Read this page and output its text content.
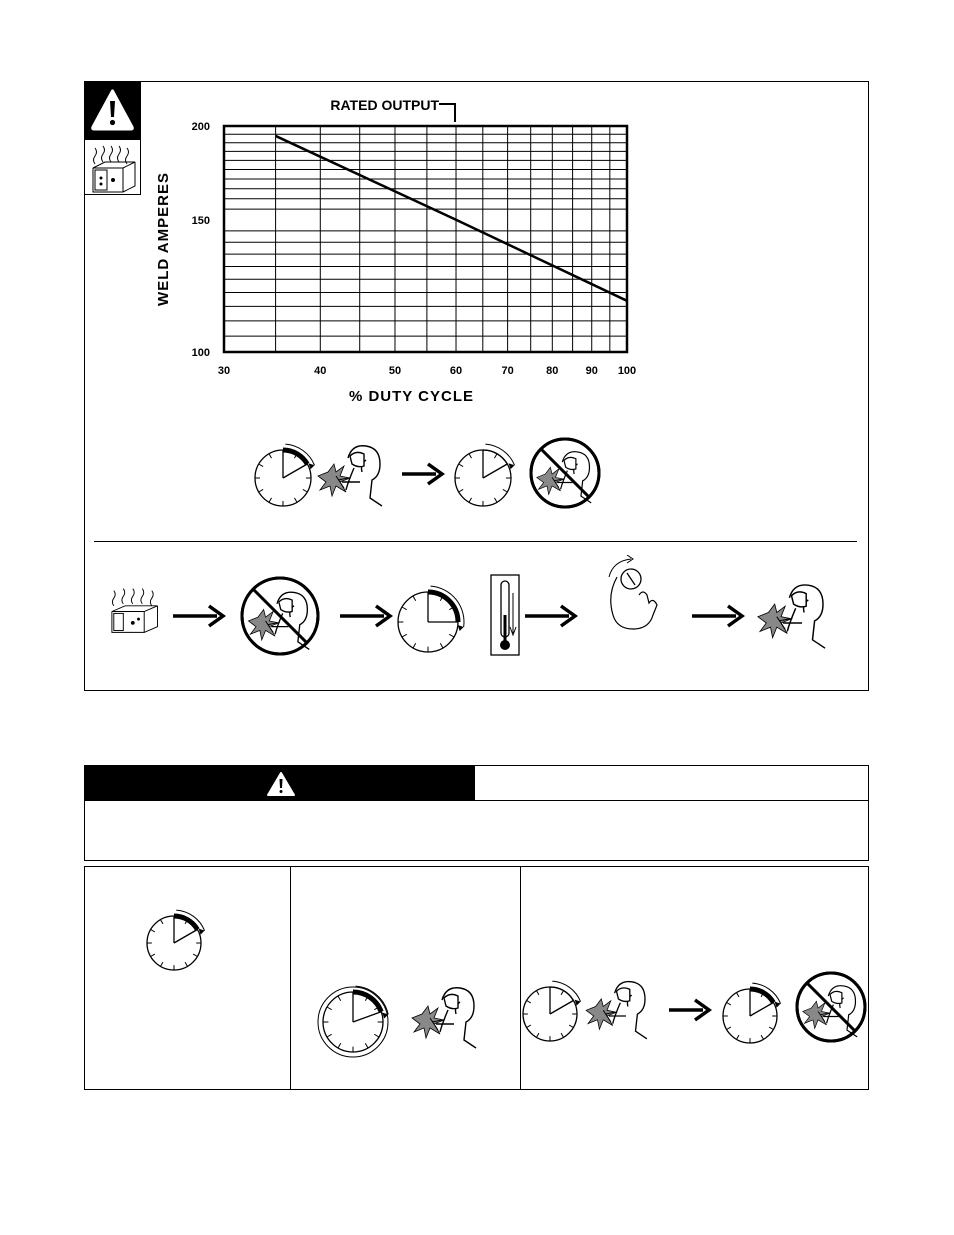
30	40	50	60	70	80 90 100
200
150
100
RATED OUTPUT
WELD AMPERES
% DUTY CYCLE
